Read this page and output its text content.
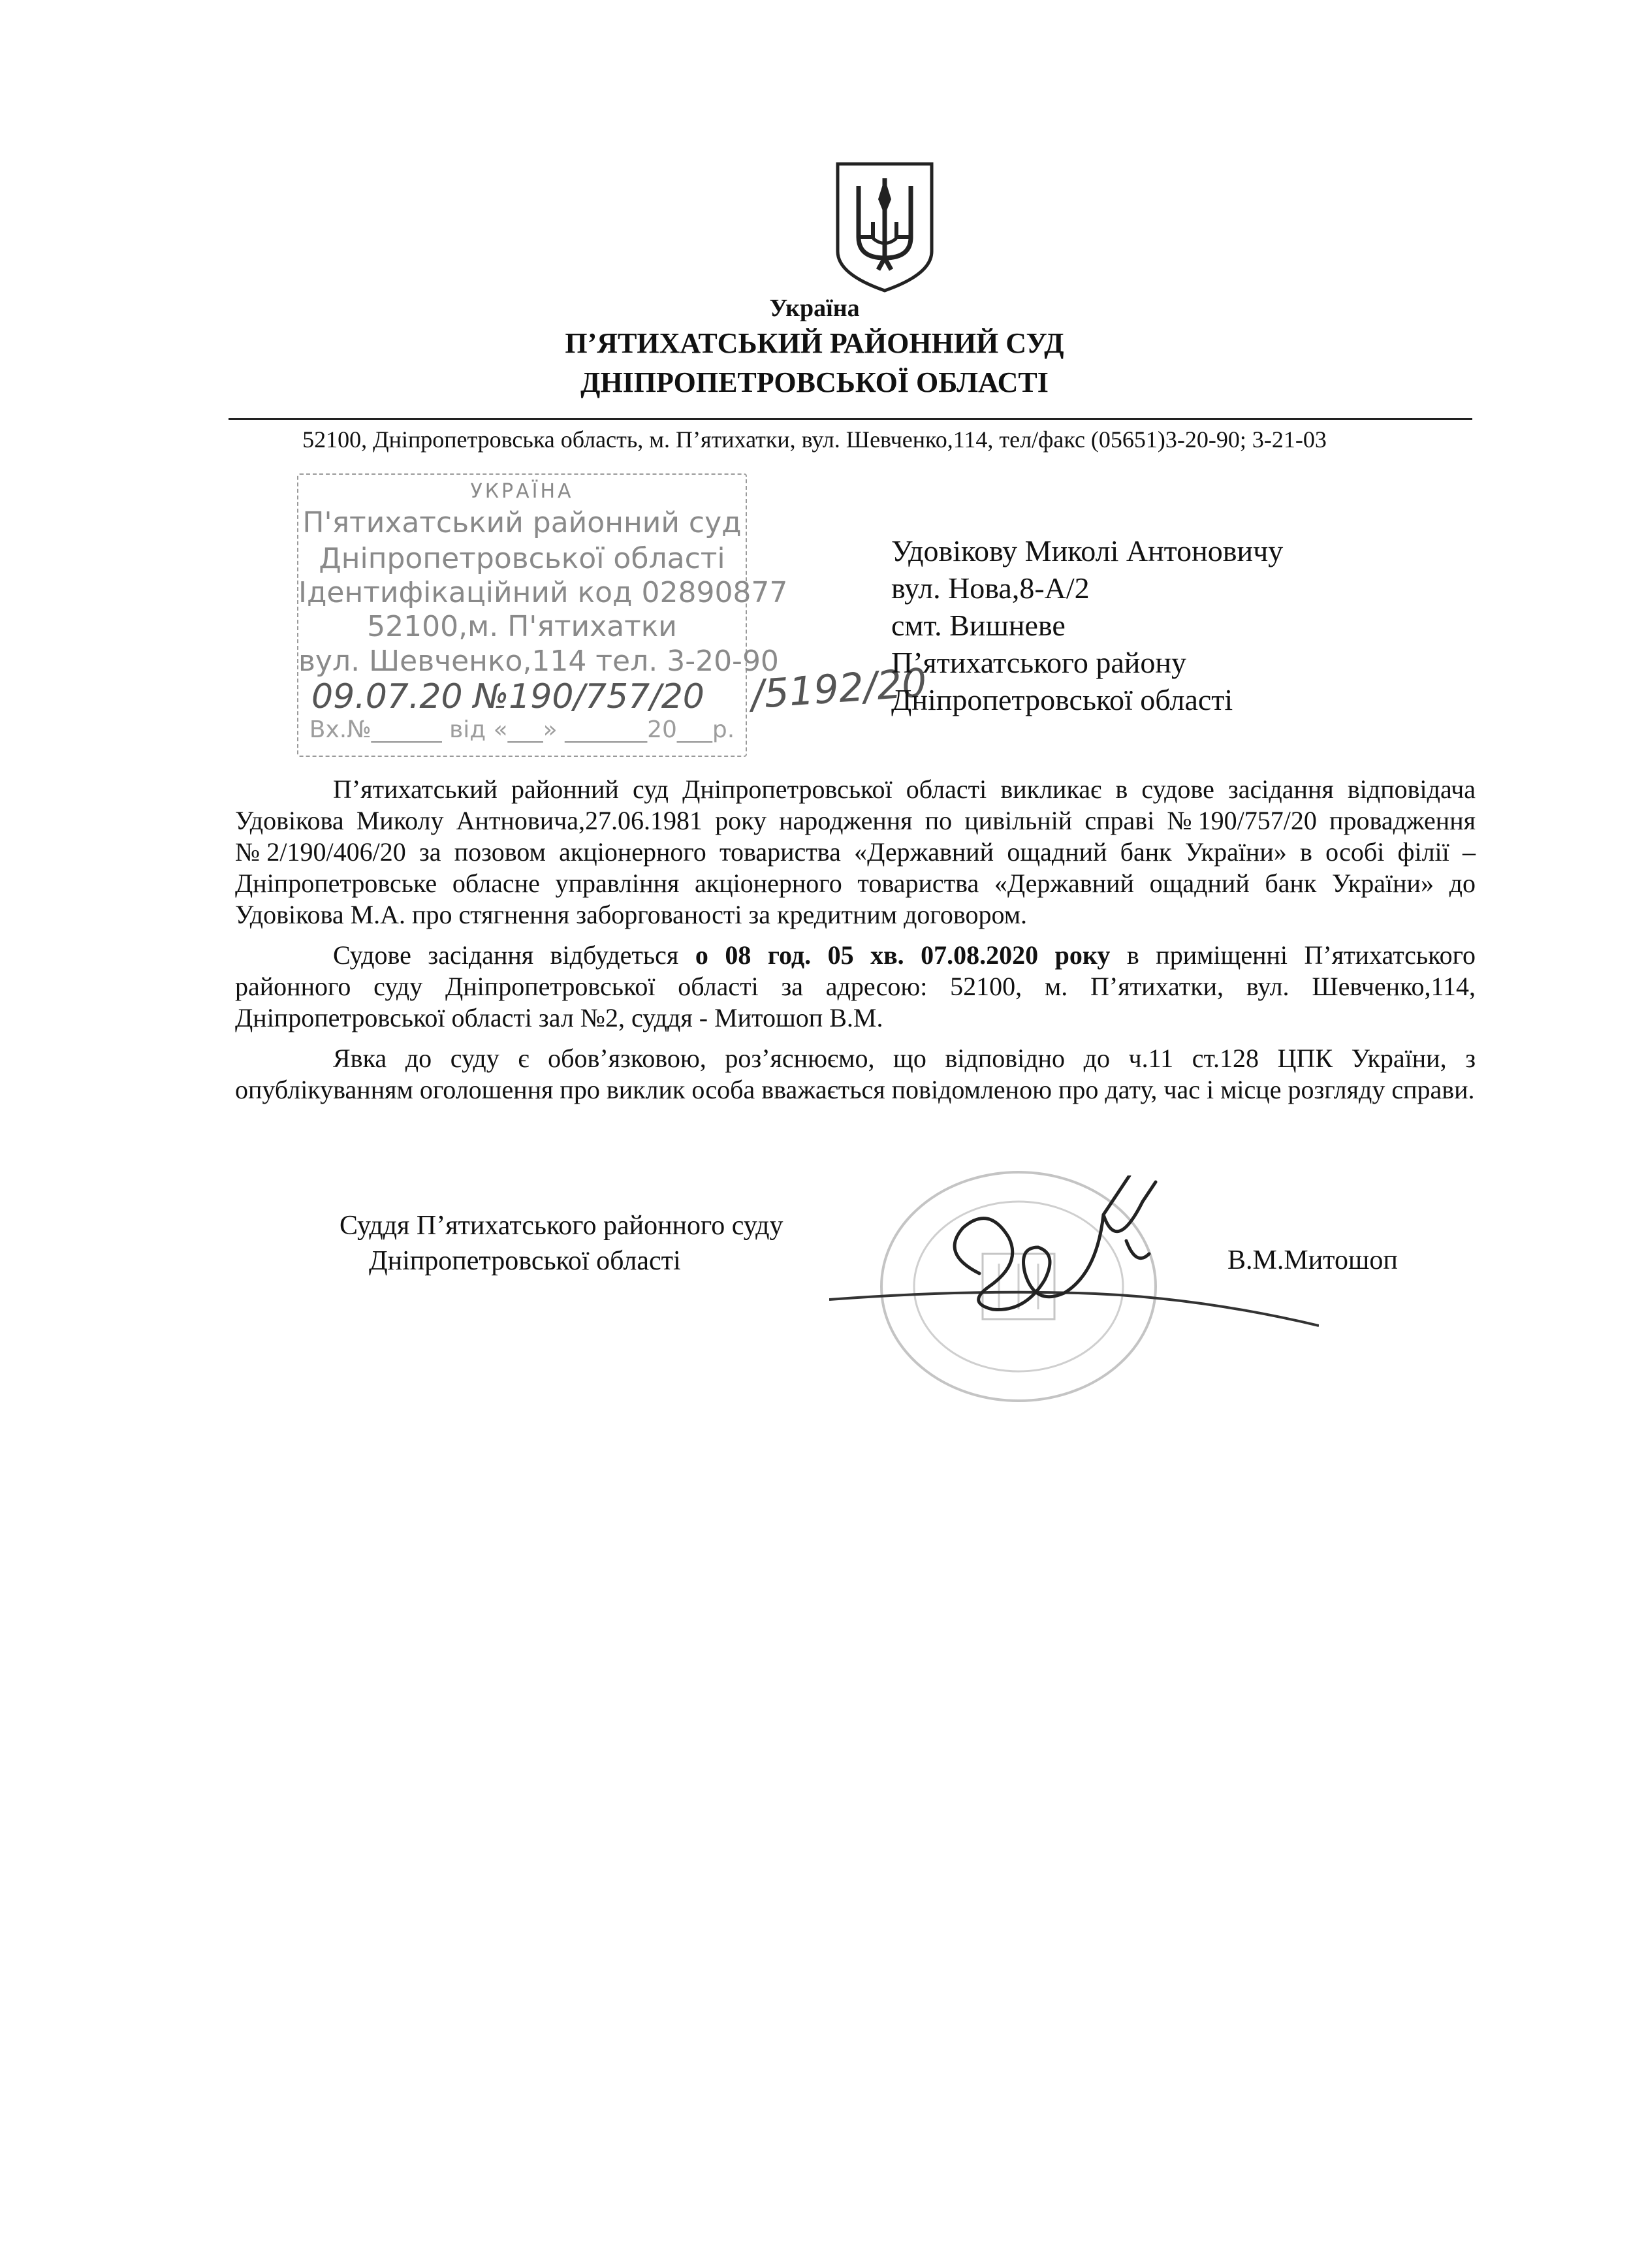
Україна
П’ЯТИХАТСЬКИЙ РАЙОННИЙ СУД
ДНІПРОПЕТРОВСЬКОЇ ОБЛАСТІ
52100, Дніпропетровська область, м. П’ятихатки, вул. Шевченко,114, тел/факс (05651)3-20-90; 3-21-03
УКРАЇНА
П'ятихатський районний суд
Дніпропетровської області
Ідентифікаційний код 02890877
52100,м. П'ятихатки
вул. Шевченко,114 тел. 3-20-90
09.07.20 №190/757/20
Вх.№______ від «___» _______20___р.
/5192/20
Удовікову Миколі Антоновичу
вул. Нова,8-А/2
смт. Вишневе
П’ятихатського району
Дніпропетровської області

П’ятихатський районний суд Дніпропетровської області викликає в судове засідання відповідача Удовікова Миколу Антновича,27.06.1981 року народження по цивільній справі №190/757/20 провадження №2/190/406/20 за позовом акціонерного товариства «Державний ощадний банк України» в особі філії – Дніпропетровське обласне управління акціонерного товариства «Державний ощадний банк України» до Удовікова М.А. про стягнення заборгованості за кредитним договором.

Судове засідання відбудеться о 08 год. 05 хв. 07.08.2020 року в приміщенні П’ятихатського районного суду Дніпропетровської області за адресою: 52100, м. П’ятихатки, вул. Шевченко,114, Дніпропетровської області зал №2, суддя - Митошоп В.М.

Явка до суду є обов’язковою, роз’яснюємо, що відповідно до ч.11 ст.128 ЦПК України, з опублікуванням оголошення про виклик особа вважається повідомленою про дату, час і місце розгляду справи.

Суддя П’ятихатського районного суду
Дніпропетровської області	В.М.Митошоп
